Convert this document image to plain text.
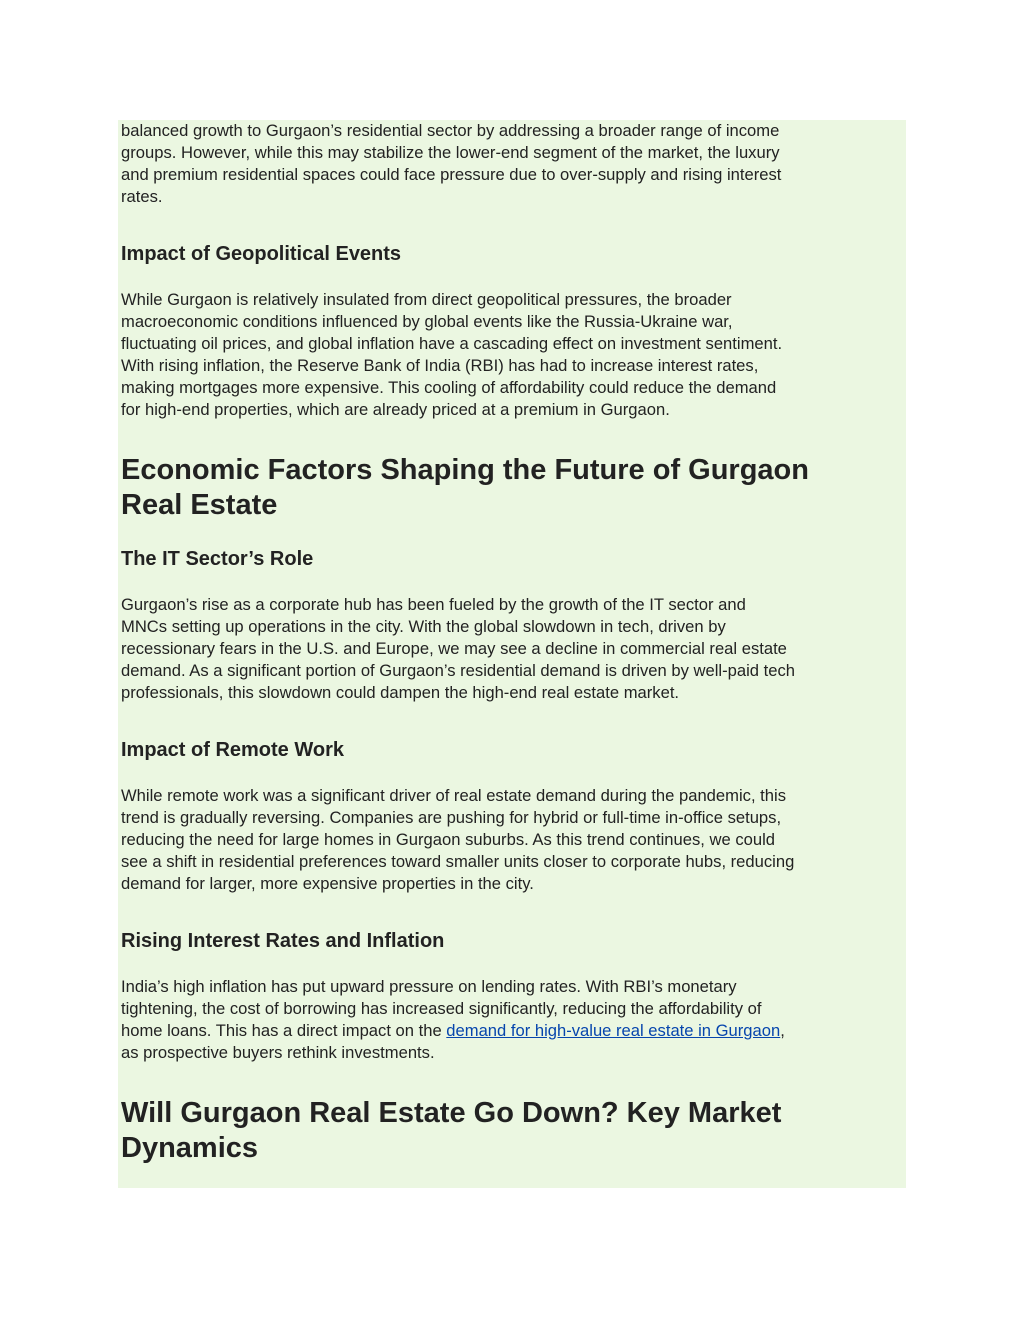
balanced growth to Gurgaon’s residential sector by addressing a broader range of income
groups. However, while this may stabilize the lower-end segment of the market, the luxury
and premium residential spaces could face pressure due to over-supply and rising interest
rates.

Impact of Geopolitical Events

While Gurgaon is relatively insulated from direct geopolitical pressures, the broader
macroeconomic conditions influenced by global events like the Russia-Ukraine war,
fluctuating oil prices, and global inflation have a cascading effect on investment sentiment.
With rising inflation, the Reserve Bank of India (RBI) has had to increase interest rates,
making mortgages more expensive. This cooling of affordability could reduce the demand
for high-end properties, which are already priced at a premium in Gurgaon.

Economic Factors Shaping the Future of Gurgaon
Real Estate
The IT Sector’s Role

Gurgaon’s rise as a corporate hub has been fueled by the growth of the IT sector and
MNCs setting up operations in the city. With the global slowdown in tech, driven by
recessionary fears in the U.S. and Europe, we may see a decline in commercial real estate
demand. As a significant portion of Gurgaon’s residential demand is driven by well-paid tech
professionals, this slowdown could dampen the high-end real estate market.

Impact of Remote Work

While remote work was a significant driver of real estate demand during the pandemic, this
trend is gradually reversing. Companies are pushing for hybrid or full-time in-office setups,
reducing the need for large homes in Gurgaon suburbs. As this trend continues, we could
see a shift in residential preferences toward smaller units closer to corporate hubs, reducing
demand for larger, more expensive properties in the city.

Rising Interest Rates and Inflation

India’s high inflation has put upward pressure on lending rates. With RBI’s monetary
tightening, the cost of borrowing has increased significantly, reducing the affordability of
home loans. This has a direct impact on the demand for high-value real estate in Gurgaon,
as prospective buyers rethink investments.

Will Gurgaon Real Estate Go Down? Key Market
Dynamics
